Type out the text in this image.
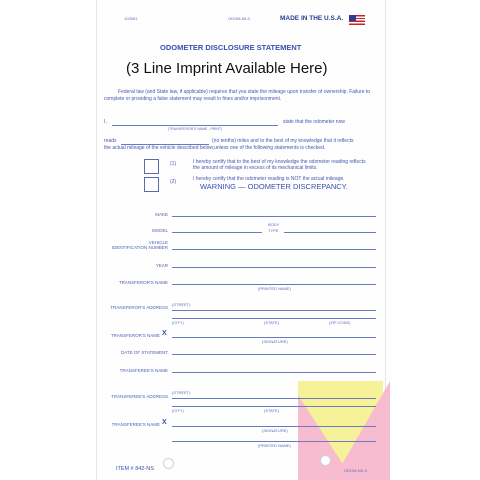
102651	ODOM-65-3	MADE IN THE U.S.A.
ODOMETER DISCLOSURE STATEMENT
(3 Line Imprint Available Here)
Federal law (and State law, if applicable) requires that you state the mileage upon transfer of ownership. Failure to complete or providing a false statement may result in fines and/or imprisonment.
I,
(TRANSFEROR'S NAME - PRINT)
state that the odometer now
reads	(no tenths) miles and to the best of my knowledge that it reflects
the actual mileage of the vehicle described below,unless one of the following statements is checked.
(1)	I hereby certify that to the best of my knowledge the odometer reading reflects the amount of mileage in excess of its mechanical limits.
(2)	I hereby certify that the odometer reading is NOT the actual mileage.
WARNING — ODOMETER DISCREPANCY.
MAKE
BODY
TYPE
MODEL
VEHICLE
IDENTIFICATION NUMBER
YEAR
TRANSFEROR'S NAME
(PRINTED NAME)
TRANSFEROR'S ADDRESS
(STREET)
(CITY)	(STATE)	(ZIP CODE)
TRANSFEROR'S NAME X
(SIGNATURE)
DATE OF STATEMENT
TRANSFEREE'S NAME
TRANSFEREE'S ADDRESS
(STREET)
(CITY)	(STATE)
TRANSFEREE'S NAME X
(SIGNATURE)
(PRINTED NAME)
ITEM # 842-NS	ODOM-NS-3
